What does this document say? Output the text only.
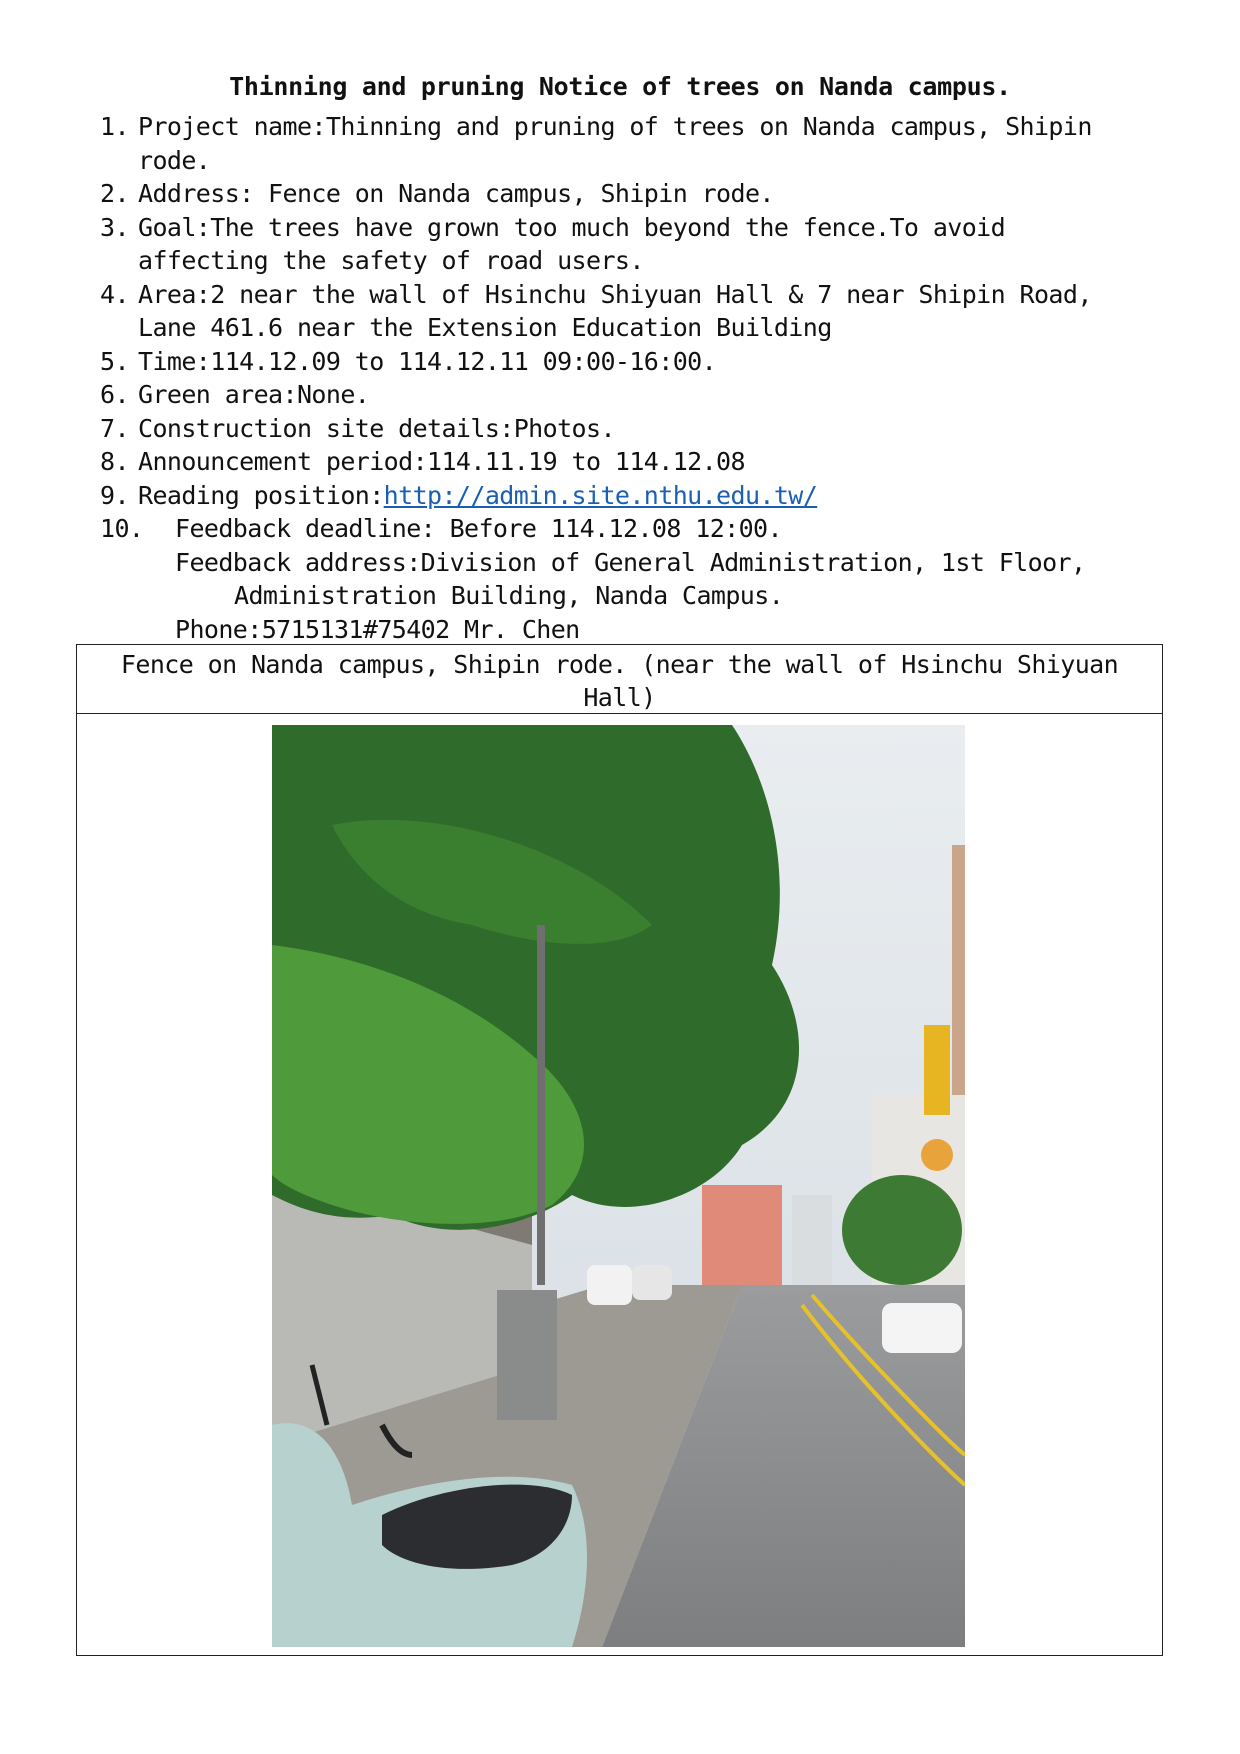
Thinning and pruning Notice of trees on Nanda campus.
1. Project name:Thinning and pruning of trees on Nanda campus, Shipin
rode.
2. Address: Fence on Nanda campus, Shipin rode.
3. Goal:The trees have grown too much beyond the fence.To avoid
affecting the safety of road users.
4. Area:2 near the wall of Hsinchu Shiyuan Hall & 7 near Shipin Road,
Lane 461.6 near the Extension Education Building
5. Time:114.12.09 to 114.12.11 09:00-16:00.
6. Green area:None.
7. Construction site details:Photos.
8. Announcement period:114.11.19 to 114.12.08
9. Reading position:http://admin.site.nthu.edu.tw/
10. Feedback deadline: Before 114.12.08 12:00.
Feedback address:Division of General Administration, 1st Floor,
Administration Building, Nanda Campus.
Phone:5715131#75402 Mr. Chen
Fence on Nanda campus, Shipin rode. (near the wall of Hsinchu Shiyuan
Hall)
